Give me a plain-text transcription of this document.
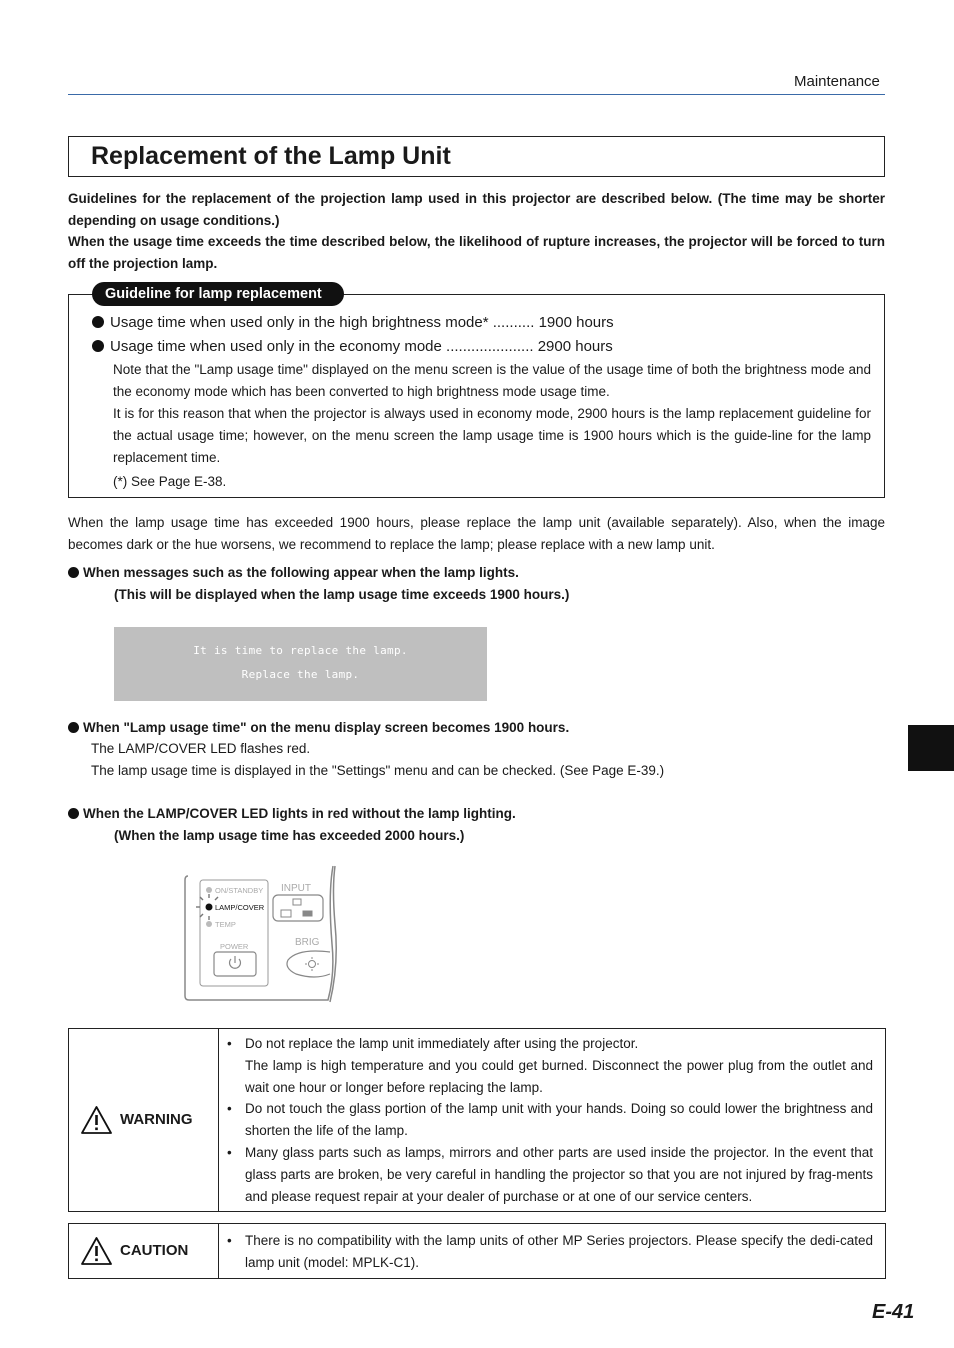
Maintenance
Replacement of the Lamp Unit

Guidelines for the replacement of the projection lamp used in this projector are described below. (The time may be shorter depending on usage conditions.)

When the usage time exceeds the time described below, the likelihood of rupture increases, the projector will be forced to turn off the projection lamp.

Guideline for lamp replacement
Usage time when used only in the high brightness mode* .......... 1900 hours
Usage time when used only in the economy mode ..................... 2900 hours

Note that the "Lamp usage time" displayed on the menu screen is the value of the usage time of both the brightness mode and the economy mode which has been converted to high brightness mode usage time.

It is for this reason that when the projector is always used in economy mode, 2900 hours is the lamp replacement guideline for the actual usage time; however, on the menu screen the lamp usage time is 1900 hours which is the guide-line for the lamp replacement time.

(*) See Page E-38.
When the lamp usage time has exceeded 1900 hours, please replace the lamp unit (available separately). Also, when the image becomes dark or the hue worsens, we recommend to replace the lamp; please replace with a new lamp unit.
When messages such as the following appear when the lamp lights.
(This will be displayed when the lamp usage time exceeds 1900 hours.)
It is time to replace the lamp.
Replace the lamp.
When "Lamp usage time" on the menu display screen becomes 1900 hours.
The LAMP/COVER LED flashes red.
The lamp usage time is displayed in the "Settings" menu and can be checked. (See Page E-39.)
When the LAMP/COVER LED lights in red without the lamp lighting.
(When the lamp usage time has exceeded 2000 hours.)
ON/STANDBY
LAMP/COVER
TEMP
POWER
INPUT
BRIG
WARNING	
• Do not replace the lamp unit immediately after using the projector.
The lamp is high temperature and you could get burned. Disconnect the power plug from the outlet and wait one hour or longer before replacing the lamp.
• Do not touch the glass portion of the lamp unit with your hands. Doing so could lower the brightness and shorten the life of the lamp.
• Many glass parts such as lamps, mirrors and other parts are used inside the projector. In the event that glass parts are broken, be very careful in handling the projector so that you are not injured by frag-ments and please request repair at your dealer of purchase or at one of our service centers.
CAUTION	
• There is no compatibility with the lamp units of other MP Series projectors. Please specify the dedi-cated lamp unit (model: MPLK-C1).
E-41
